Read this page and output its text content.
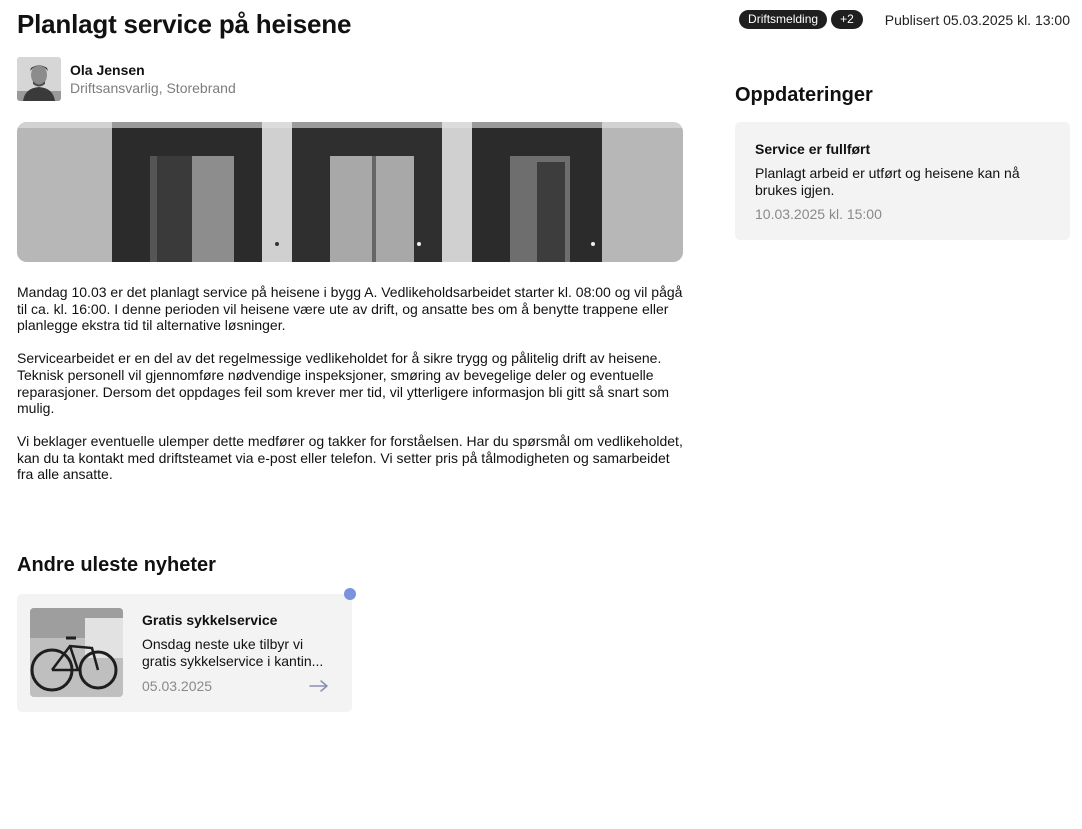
Planlagt service på heisene	Driftsmelding	+2	Publisert 05.03.2025 kl. 13:00
Ola Jensen
Driftsansvarlig, Storebrand

Mandag 10.03 er det planlagt service på heisene i bygg A. Vedlikeholdsarbeidet starter kl. 08:00 og vil pågå til ca. kl. 16:00. I denne perioden vil heisene være ute av drift, og ansatte bes om å benytte trappene eller planlegge ekstra tid til alternative løsninger.

Servicearbeidet er en del av det regelmessige vedlikeholdet for å sikre trygg og pålitelig drift av heisene. Teknisk personell vil gjennomføre nødvendige inspeksjoner, smøring av bevegelige deler og eventuelle reparasjoner. Dersom det oppdages feil som krever mer tid, vil ytterligere informasjon bli gitt så snart som mulig.

Vi beklager eventuelle ulemper dette medfører og takker for forståelsen. Har du spørsmål om vedlikeholdet, kan du ta kontakt med driftsteamet via e-post eller telefon. Vi setter pris på tålmodigheten og samarbeidet fra alle ansatte.

Andre uleste nyheter
Gratis sykkelservice
Onsdag neste uke tilbyr vi gratis sykkelservice i kantin...
05.03.2025
Oppdateringer
Service er fullført
Planlagt arbeid er utført og heisene kan nå brukes igjen.
10.03.2025 kl. 15:00
